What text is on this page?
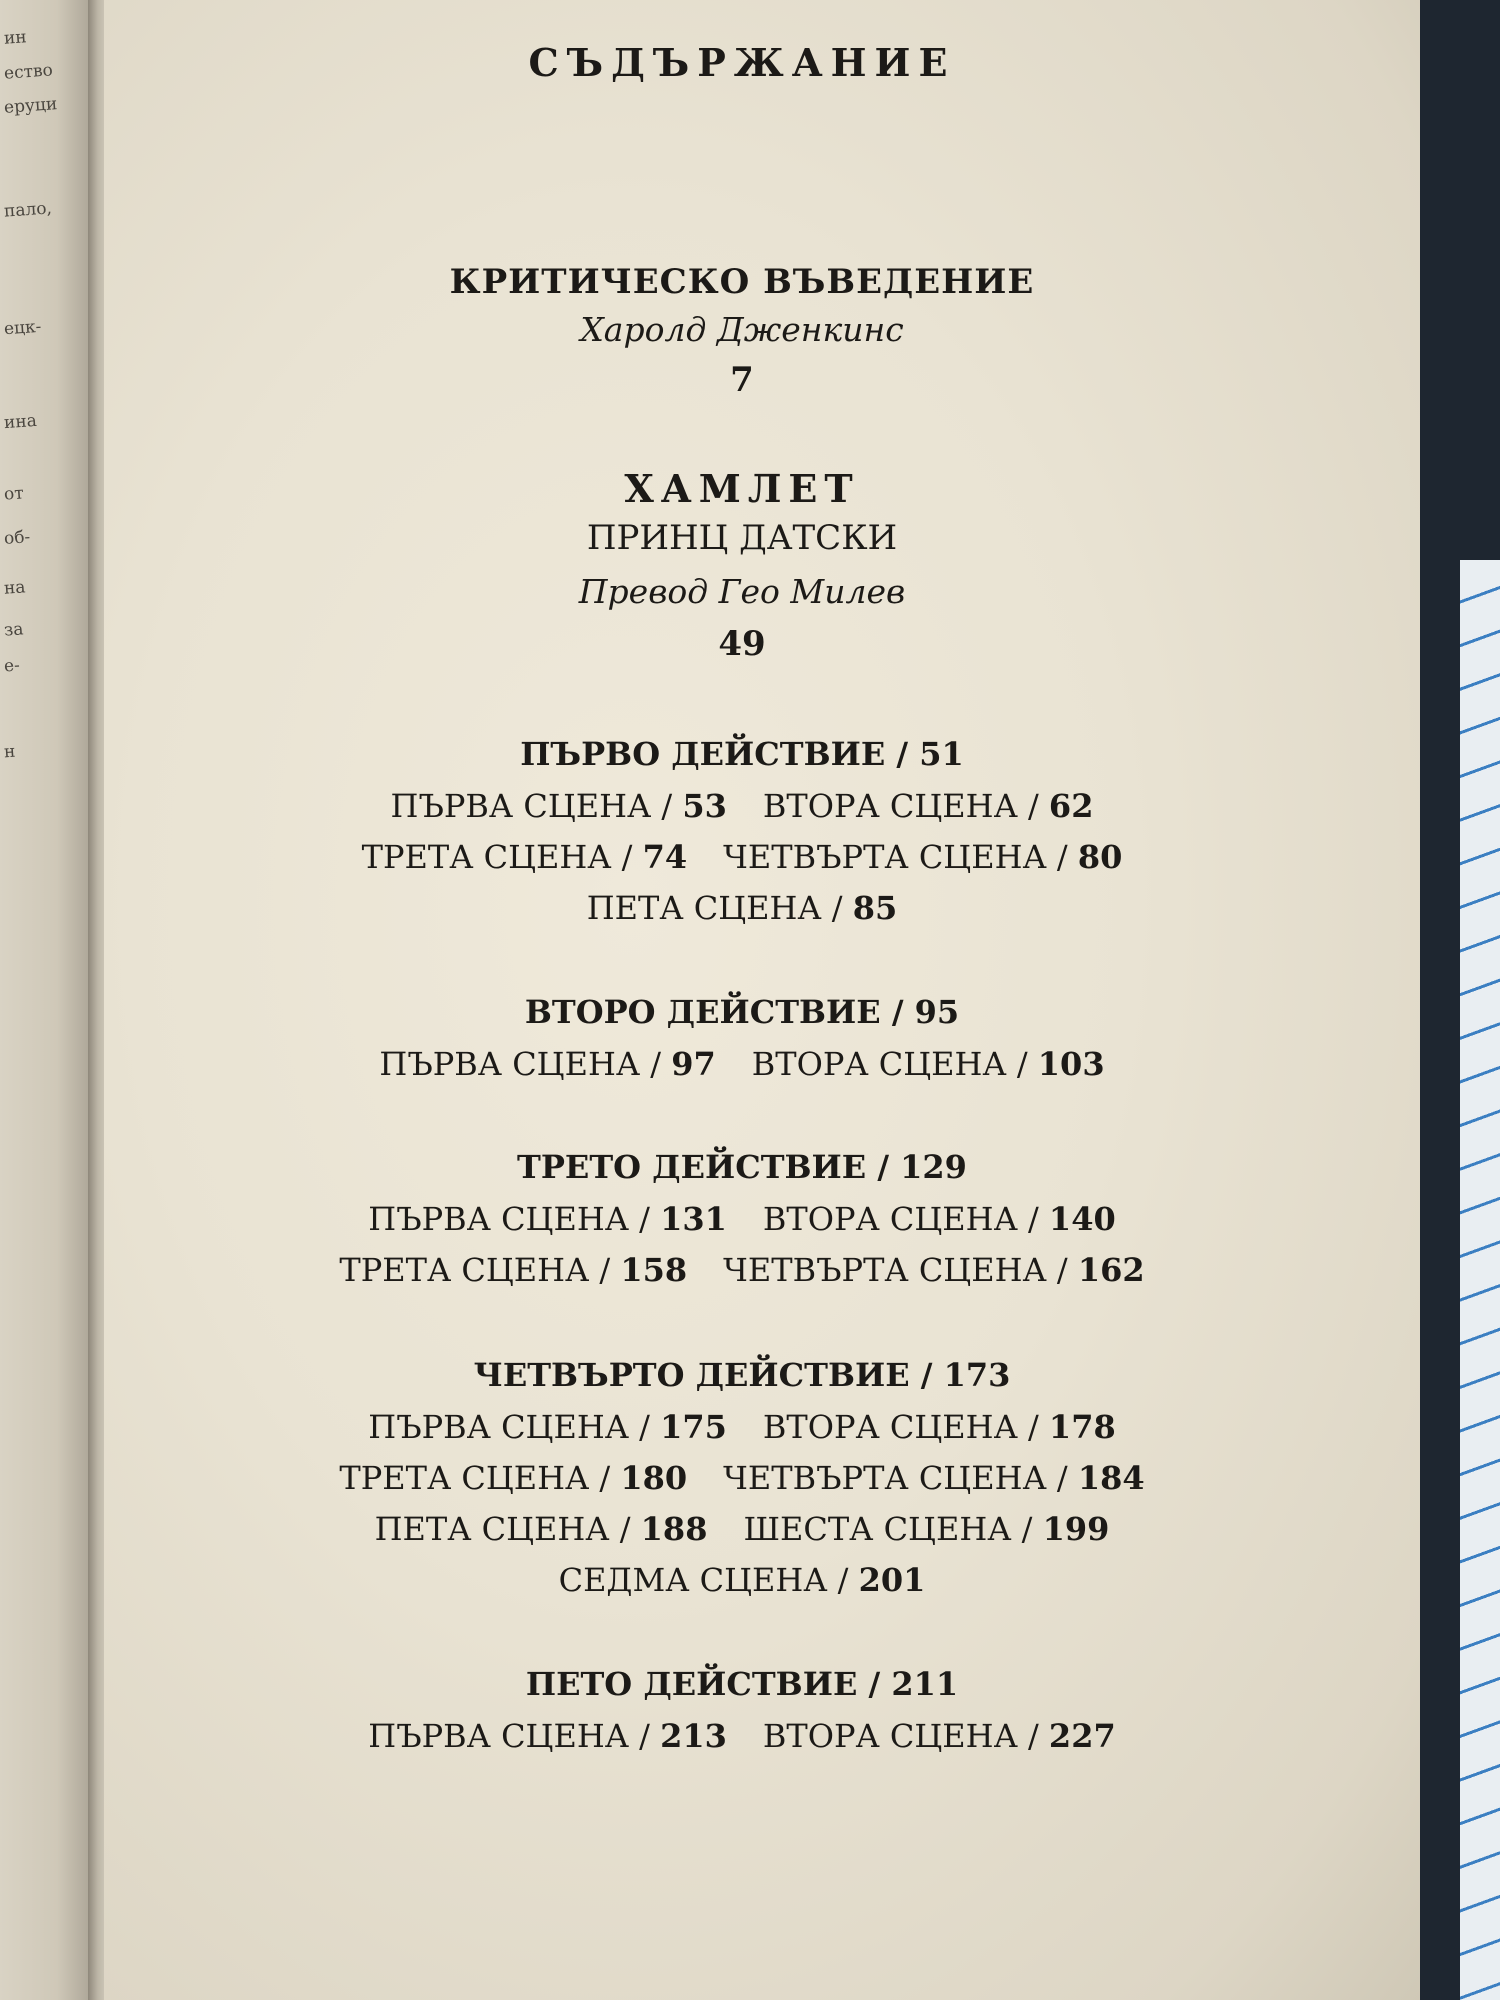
ин
ество
еруци
пало,
ецк-
ина
от
об-
на
за
е-
н
СЪДЪРЖАНИЕ
КРИТИЧЕСКО ВЪВЕДЕНИЕ
Харолд Дженкинс
7
ХАМЛЕТ
ПРИНЦ ДАТСКИ
Превод Гео Милев
49
ПЪРВО ДЕЙСТВИЕ / 51
ПЪРВА СЦЕНА / 53 ВТОРА СЦЕНА / 62
ТРЕТА СЦЕНА / 74 ЧЕТВЪРТА СЦЕНА / 80
ПЕТА СЦЕНА / 85
ВТОРО ДЕЙСТВИЕ / 95
ПЪРВА СЦЕНА / 97 ВТОРА СЦЕНА / 103
ТРЕТО ДЕЙСТВИЕ / 129
ПЪРВА СЦЕНА / 131 ВТОРА СЦЕНА / 140
ТРЕТА СЦЕНА / 158 ЧЕТВЪРТА СЦЕНА / 162
ЧЕТВЪРТО ДЕЙСТВИЕ / 173
ПЪРВА СЦЕНА / 175 ВТОРА СЦЕНА / 178
ТРЕТА СЦЕНА / 180 ЧЕТВЪРТА СЦЕНА / 184
ПЕТА СЦЕНА / 188 ШЕСТА СЦЕНА / 199
СЕДМА СЦЕНА / 201
ПЕТО ДЕЙСТВИЕ / 211
ПЪРВА СЦЕНА / 213 ВТОРА СЦЕНА / 227
